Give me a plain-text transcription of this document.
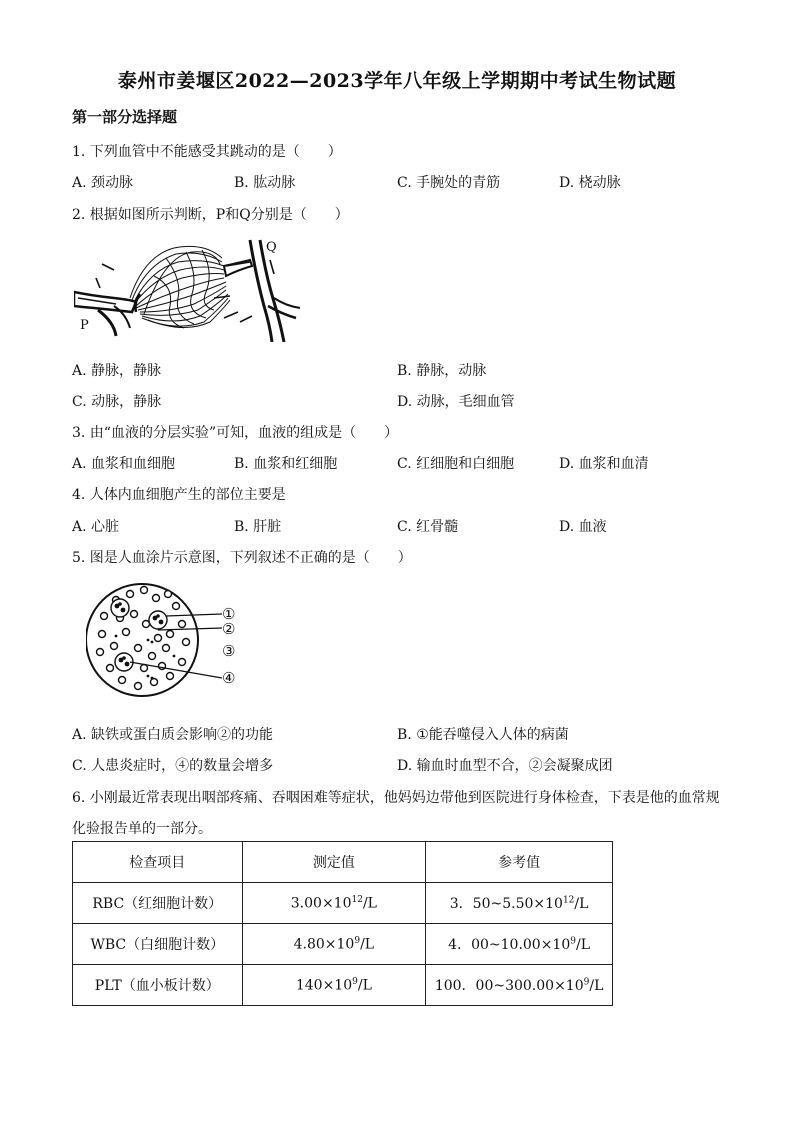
泰州市姜堰区2022—2023学年八年级上学期期中考试生物试题
第一部分选择题
1. 下列血管中不能感受其跳动的是（　　）
A. 颈动脉	B. 肱动脉	C. 手腕处的青筋	D. 桡动脉
2. 根据如图所示判断，P和Q分别是（　　）
P
Q
A. 静脉，静脉	B. 静脉，动脉
C. 动脉，静脉	D. 动脉，毛细血管
3. 由“血液的分层实验”可知，血液的组成是（　　）
A. 血浆和血细胞	B. 血浆和红细胞	C. 红细胞和白细胞	D. 血浆和血清
4. 人体内血细胞产生的部位主要是
A. 心脏	B. 肝脏	C. 红骨髓	D. 血液
5. 图是人血涂片示意图，下列叙述不正确的是（　　）
①
②
③
④
A. 缺铁或蛋白质会影响②的功能	B. ①能吞噬侵入人体的病菌
C. 人患炎症时，④的数量会增多	D. 输血时血型不合，②会凝聚成团
6. 小刚最近常表现出咽部疼痛、吞咽困难等症状，他妈妈边带他到医院进行身体检查，下表是他的血常规
化验报告单的一部分。
检查项目	测定值	参考值
RBC（红细胞计数）	$3.00\times 10^{12}/L$	3．$50\sim 5.50\times 10^{12}/L$
WBC（白细胞计数）	$4.80\times 10^9/L$	4．$00\sim 10.00\times 10^9/L$
PLT（血小板计数）	$140\times 10^9/L$	100．$00\sim 300.00\times 10^9/L$
